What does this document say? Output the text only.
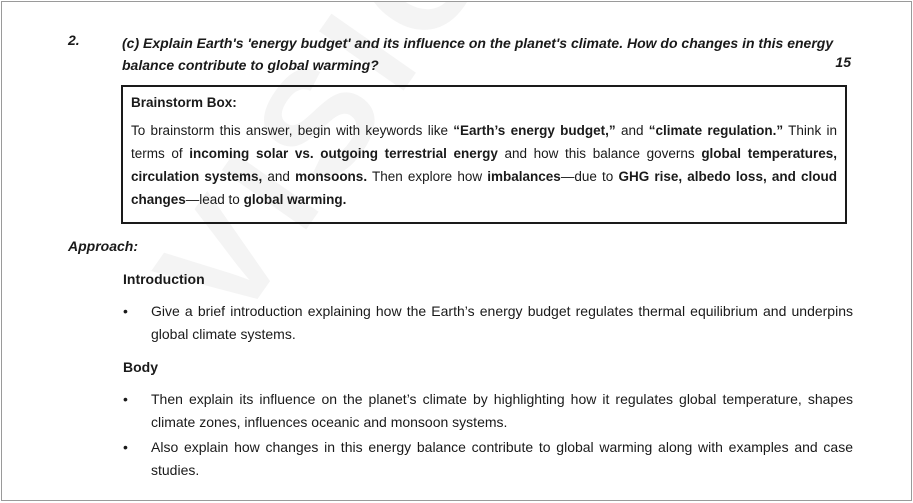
2.	(c) Explain Earth's 'energy budget' and its influence on the planet's climate. How do changes in this energy balance contribute to global warming?	15
Brainstorm Box:
To brainstorm this answer, begin with keywords like “Earth’s energy budget,” and “climate regulation.” Think in terms of incoming solar vs. outgoing terrestrial energy and how this balance governs global temperatures, circulation systems, and monsoons. Then explore how imbalances—due to GHG rise, albedo loss, and cloud changes—lead to global warming.
Approach:
Introduction
• Give a brief introduction explaining how the Earth’s energy budget regulates thermal equilibrium and underpins global climate systems.
Body
• Then explain its influence on the planet’s climate by highlighting how it regulates global temperature, shapes climate zones, influences oceanic and monsoon systems.
• Also explain how changes in this energy balance contribute to global warming along with examples and case studies.
